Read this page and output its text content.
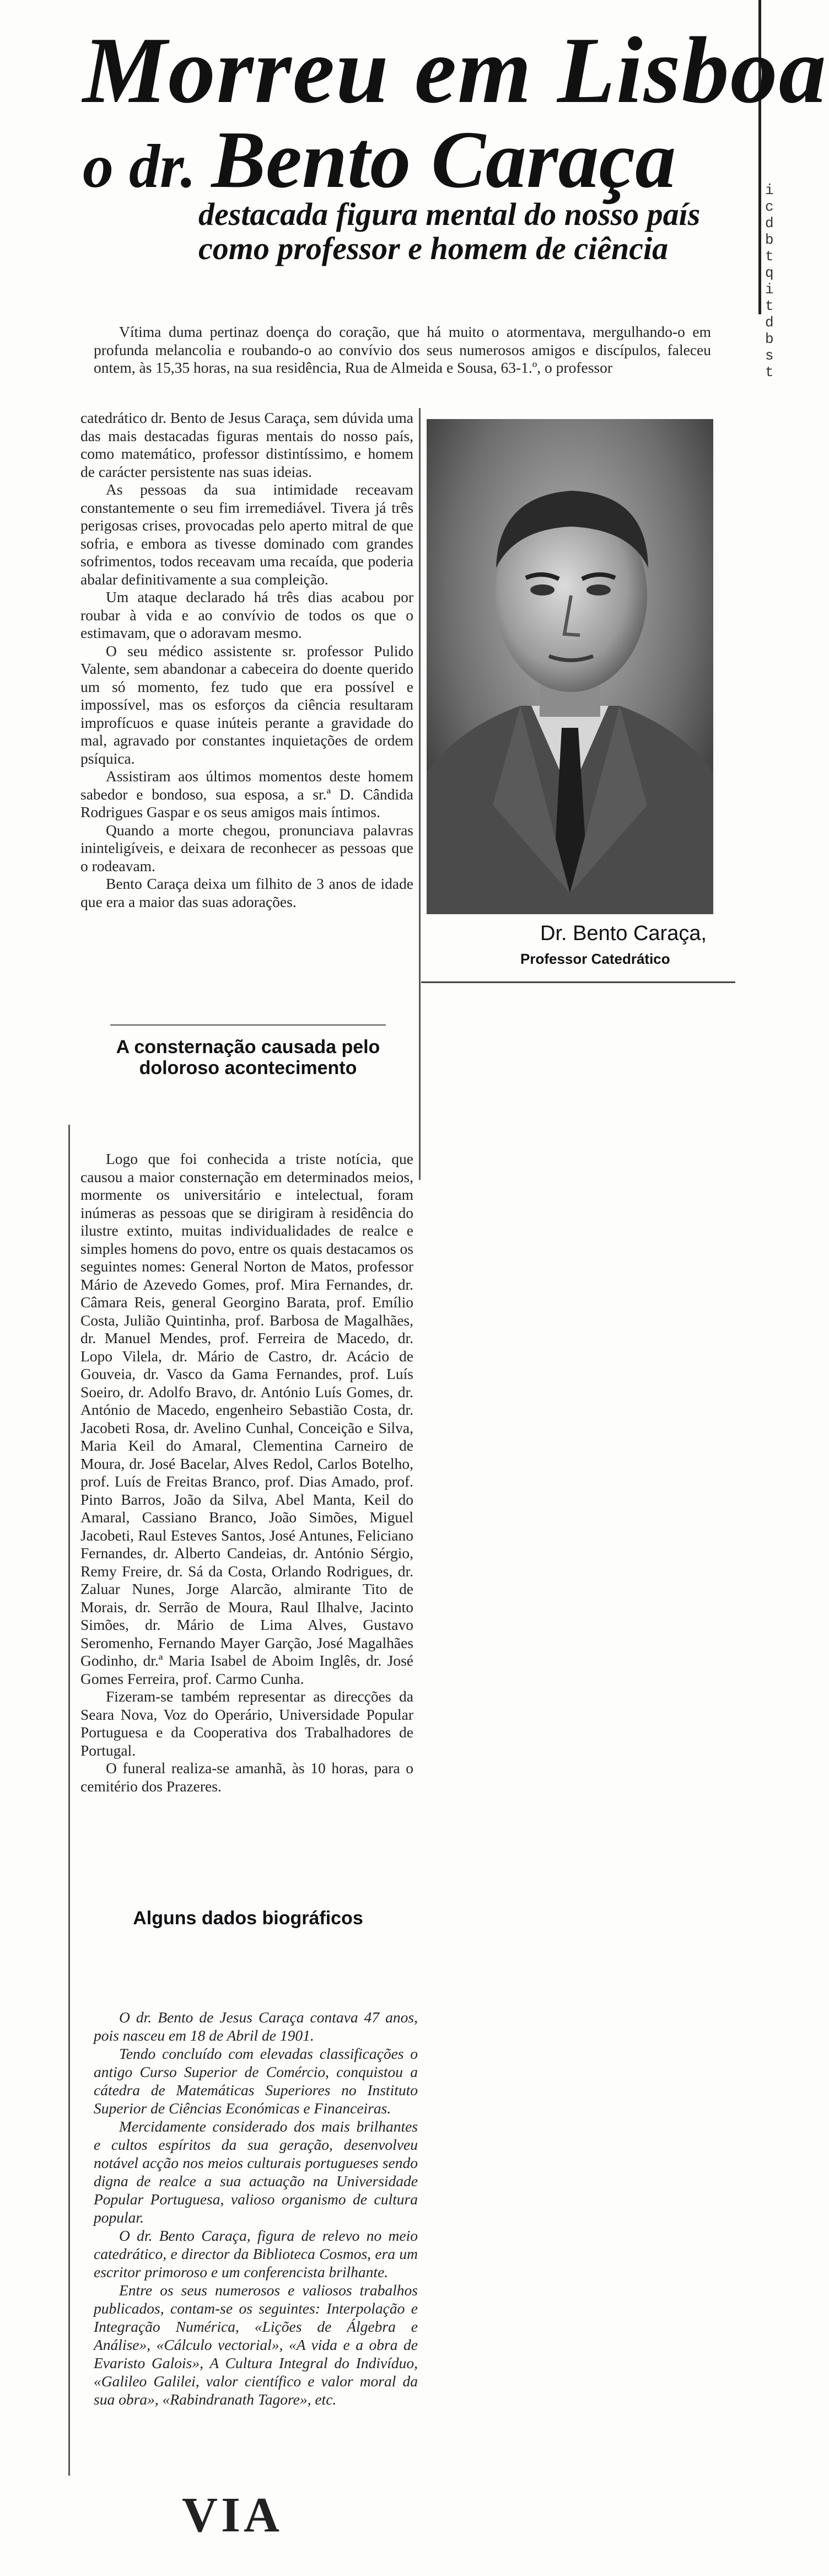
Morreu em Lisboa
o dr. Bento Caraça
destacada figura mental do nosso país como professor e homem de ciência
i
c
d
b
t
q
i
t
d
b
s
t

Vítima duma pertinaz doença do coração, que há muito o atormentava, mergulhando-o em profunda melancolia e roubando-o ao convívio dos seus numerosos amigos e discípulos, faleceu ontem, às 15,35 horas, na sua residência, Rua de Almeida e Sousa, 63-1.º, o professor

catedrático dr. Bento de Jesus Caraça, sem dúvida uma das mais destacadas figuras mentais do nosso país, como matemático, professor distintíssimo, e homem de carácter persistente nas suas ideias.

As pessoas da sua intimidade receavam constantemente o seu fim irremediável. Tivera já três perigosas crises, provocadas pelo aperto mitral de que sofria, e embora as tivesse dominado com grandes sofrimentos, todos receavam uma recaída, que poderia abalar definitivamente a sua compleição.

Um ataque declarado há três dias acabou por roubar à vida e ao convívio de todos os que o estimavam, que o adoravam mesmo.

O seu médico assistente sr. professor Pulido Valente, sem abandonar a cabeceira do doente querido um só momento, fez tudo que era possível e impossível, mas os esforços da ciência resultaram improfícuos e quase inúteis perante a gravidade do mal, agravado por constantes inquietações de ordem psíquica.

Assistiram aos últimos momentos deste homem sabedor e bondoso, sua esposa, a sr.ª D. Cândida Rodrigues Gaspar e os seus amigos mais íntimos.

Quando a morte chegou, pronunciava palavras ininteligíveis, e deixara de reconhecer as pessoas que o rodeavam.

Bento Caraça deixa um filhito de 3 anos de idade que era a maior das suas adorações.

Dr. Bento Caraça,
Professor Catedrático
A consternação causada pelo doloroso acontecimento

Logo que foi conhecida a triste notícia, que causou a maior consternação em determinados meios, mormente os universitário e intelectual, foram inúmeras as pessoas que se dirigiram à residência do ilustre extinto, muitas individualidades de realce e simples homens do povo, entre os quais destacamos os seguintes nomes: General Norton de Matos, professor Mário de Azevedo Gomes, prof. Mira Fernandes, dr. Câmara Reis, general Georgino Barata, prof. Emílio Costa, Julião Quintinha, prof. Barbosa de Magalhães, dr. Manuel Mendes, prof. Ferreira de Macedo, dr. Lopo Vilela, dr. Mário de Castro, dr. Acácio de Gouveia, dr. Vasco da Gama Fernandes, prof. Luís Soeiro, dr. Adolfo Bravo, dr. António Luís Gomes, dr. António de Macedo, engenheiro Sebastião Costa, dr. Jacobeti Rosa, dr. Avelino Cunhal, Conceição e Silva, Maria Keil do Amaral, Clementina Carneiro de Moura, dr. José Bacelar, Alves Redol, Carlos Botelho, prof. Luís de Freitas Branco, prof. Dias Amado, prof. Pinto Barros, João da Silva, Abel Manta, Keil do Amaral, Cassiano Branco, João Simões, Miguel Jacobeti, Raul Esteves Santos, José Antunes, Feliciano Fernandes, dr. Alberto Candeias, dr. António Sérgio, Remy Freire, dr. Sá da Costa, Orlando Rodrigues, dr. Zaluar Nunes, Jorge Alarcão, almirante Tito de Morais, dr. Serrão de Moura, Raul Ilhalve, Jacinto Simões, dr. Mário de Lima Alves, Gustavo Seromenho, Fernando Mayer Garção, José Magalhães Godinho, dr.ª Maria Isabel de Aboim Inglês, dr. José Gomes Ferreira, prof. Carmo Cunha.

Fizeram-se também representar as direcções da Seara Nova, Voz do Operário, Universidade Popular Portuguesa e da Cooperativa dos Trabalhadores de Portugal.

O funeral realiza-se amanhã, às 10 horas, para o cemitério dos Prazeres.

Alguns dados biográficos

O dr. Bento de Jesus Caraça contava 47 anos, pois nasceu em 18 de Abril de 1901.

Tendo concluído com elevadas classificações o antigo Curso Superior de Comércio, conquistou a cátedra de Matemáticas Superiores no Instituto Superior de Ciências Económicas e Financeiras.

Mercidamente considerado dos mais brilhantes e cultos espíritos da sua geração, desenvolveu notável acção nos meios culturais portugueses sendo digna de realce a sua actuação na Universidade Popular Portuguesa, valioso organismo de cultura popular.

O dr. Bento Caraça, figura de relevo no meio catedrático, e director da Biblioteca Cosmos, era um escritor primoroso e um conferencista brilhante.

Entre os seus numerosos e valiosos trabalhos publicados, contam-se os seguintes: Interpolação e Integração Numérica, «Lições de Álgebra e Análise», «Cálculo vectorial», «A vida e a obra de Evaristo Galois», A Cultura Integral do Indivíduo, «Galileo Galilei, valor científico e valor moral da sua obra», «Rabindranath Tagore», etc.

VIA
